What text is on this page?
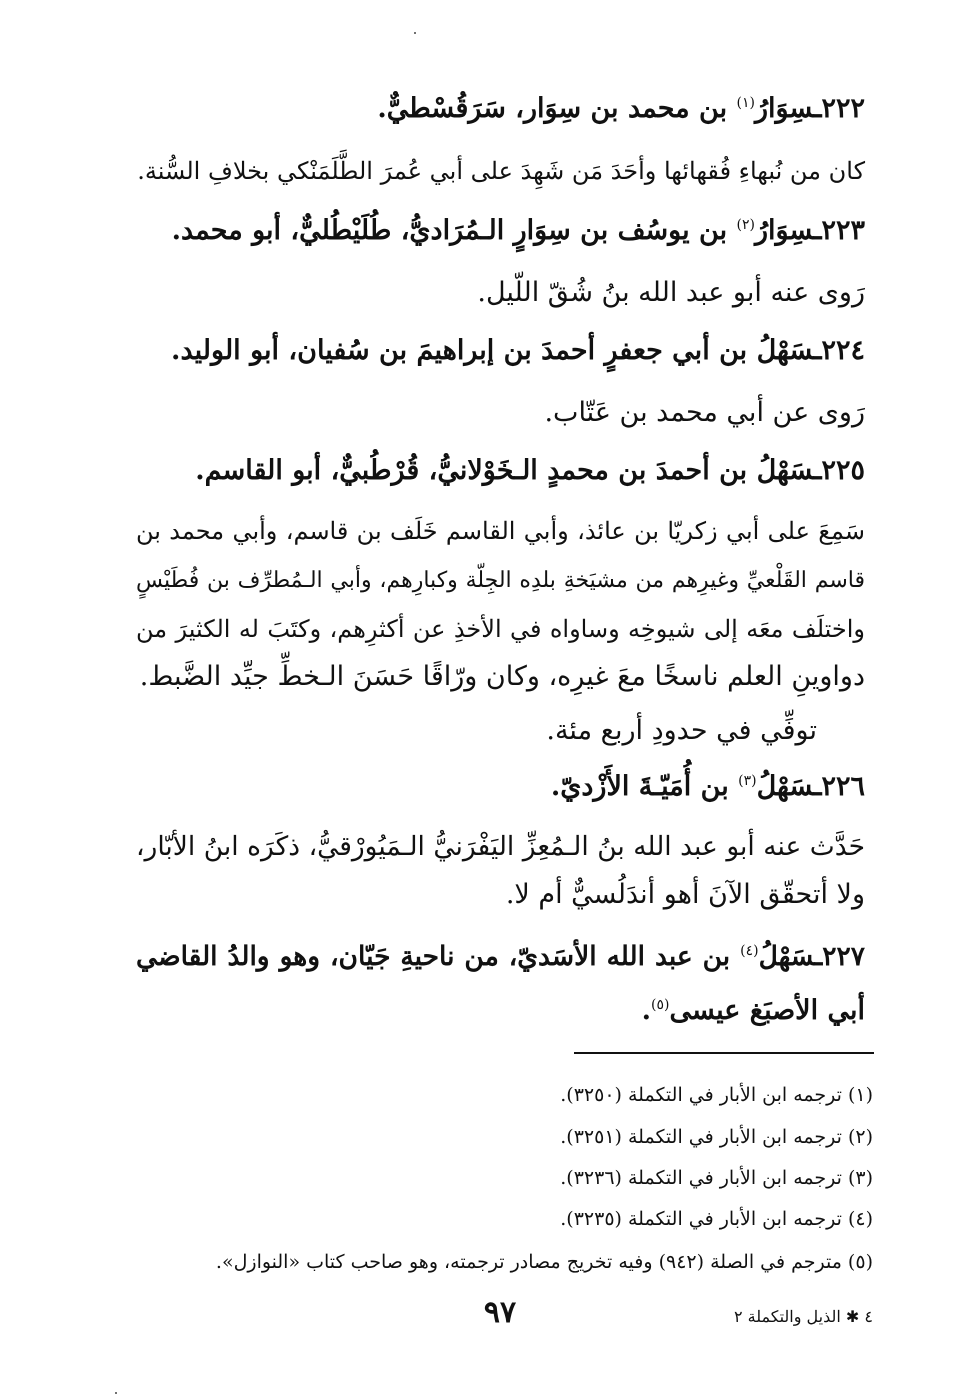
٢٢٢ـسِوَارُ$^{(١)}$ بن محمد بن سِوَار، سَرَقُسْطيٌّ.
كان من نُبهاءِ فُقهائها وأحَدَ مَن شَهِدَ على أبي عُمرَ الطَّلَمَنْكي بخلافِ السُّنة.
٢٢٣ـسِوَارُ$^{(٢)}$ بن يوسُف بن سِوَارٍ الـمُرَاديُّ، طُلَيْطُليٌّ، أبو محمد.
رَوى عنه أبو عبد الله بنُ شُقّ اللّيل.
٢٢٤ـسَهْلُ بن أبي جعفرٍ أحمدَ بن إبراهيمَ بن سُفيان، أبو الوليد.
رَوى عن أبي محمد بن عَتّاب.
٢٢٥ـسَهْلُ بن أحمدَ بن محمدٍ الـخَوْلانيُّ، قُرْطُبيٌّ، أبو القاسم.
سَمِعَ على أبي زكريّا بن عائذ، وأبي القاسم خَلَف بن قاسم، وأبي محمد بن
قاسم القَلْعيِّ وغيرِهم من مشيَخةِ بلدِه الجِلّة وكبارِهم، وأبي الـمُطرِّف بن فُطَيْسٍ
واختلَف معَه إلى شيوخِه وساواه في الأخذِ عن أكثرِهم، وكتَبَ له الكثيرَ من
دواوينِ العلم ناسخًا معَ غيرِه، وكان ورّاقًا حَسَنَ الـخطِّ جيِّد الضَّبط.
توفِّي في حدودِ أربع مئة.
٢٢٦ـسَهْلُ$^{(٣)}$ بن أُمَيّـةَ الأَزْديّ.
حَدَّث عنه أبو عبد الله بنُ الـمُعِزِّ اليَفْرَنيُّ الـمَيُورْقيُّ، ذكَرَه ابنُ الأبّار،
ولا أتحقّق الآنَ أهو أندَلُسيٌّ أم لا.
٢٢٧ـسَهْلُ$^{(٤)}$ بن عبد الله الأسَديّ، من ناحيةِ جَيّان، وهو والدُ القاضي
أبي الأصبَغ عيسى$^{(٥)}$.
(١) ترجمه ابن الأبار في التكملة (٣٢٥٠).
(٢) ترجمه ابن الأبار في التكملة (٣٢٥١).
(٣) ترجمه ابن الأبار في التكملة (٣٢٣٦).
(٤) ترجمه ابن الأبار في التكملة (٣٢٣٥).
(٥) مترجم في الصلة (٩٤٢) وفيه تخريج مصادر ترجمته، وهو صاحب كتاب «النوازل».
٩٧	٤ ✱ الذيل والتكملة ٢
